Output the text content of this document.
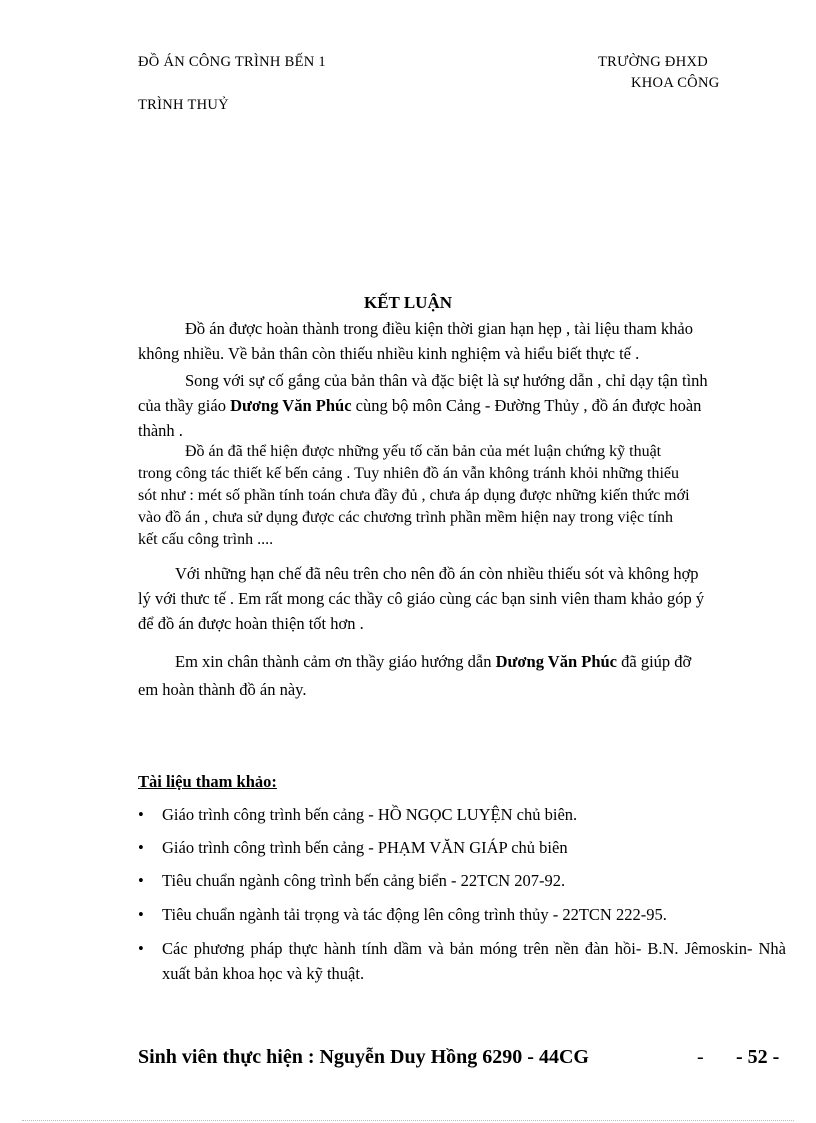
ĐỒ ÁN CÔNG TRÌNH BẾN 1
TRÌNH THUỶ
TRƯỜNG ĐHXD
KHOA CÔNG
KẾT LUẬN
Đồ án được hoàn thành trong điều kiện thời gian hạn hẹp , tài liệu tham khảo
không nhiều. Về bản thân còn thiếu nhiều kinh nghiệm và hiểu biết thực tế .
Song với sự cố gắng của bản thân và đặc biệt là sự hướng dẫn , chỉ dạy tận tình
của thầy giáo Dương Văn Phúc cùng bộ môn Cảng - Đường Thủy , đồ án được hoàn
thành .
Đồ án đã thể hiện được những yếu tố căn bản của mét luận chứng kỹ thuật
trong công tác thiết kế bến cảng . Tuy nhiên đồ án vẫn không tránh khỏi những thiếu
sót như : mét số phần tính toán chưa đầy đủ , chưa áp dụng được những kiến thức mới
vào đồ án , chưa sử dụng được các chương trình phần mềm hiện nay trong việc tính
kết cấu công trình ....
Với những hạn chế đã nêu trên cho nên đồ án còn nhiều thiếu sót và không hợp
lý với thưc tế . Em rất mong các thầy cô giáo cùng các bạn sinh viên tham khảo góp ý
để đồ án được hoàn thiện tốt hơn .
Em xin chân thành cảm ơn thầy giáo hướng dẫn Dương Văn Phúc đã giúp đỡ
em hoàn thành đồ án này.
Tài liệu tham khảo:
• Giáo trình công trình bến cảng - HỒ NGỌC LUYỆN chủ biên.
• Giáo trình công trình bến cảng - PHẠM VĂN GIÁP chủ biên
• Tiêu chuẩn ngành công trình bến cảng biển - 22TCN 207-92.
• Tiêu chuẩn ngành tải trọng và tác động lên công trình thủy - 22TCN 222-95.
• Các phương pháp thực hành tính dầm và bản móng trên nền đàn hồi- B.N. Jêmoskin- Nhà xuất bản khoa học và kỹ thuật.
Sinh viên thực hiện : Nguyễn Duy Hồng 6290 - 44CG	- - 52 -
